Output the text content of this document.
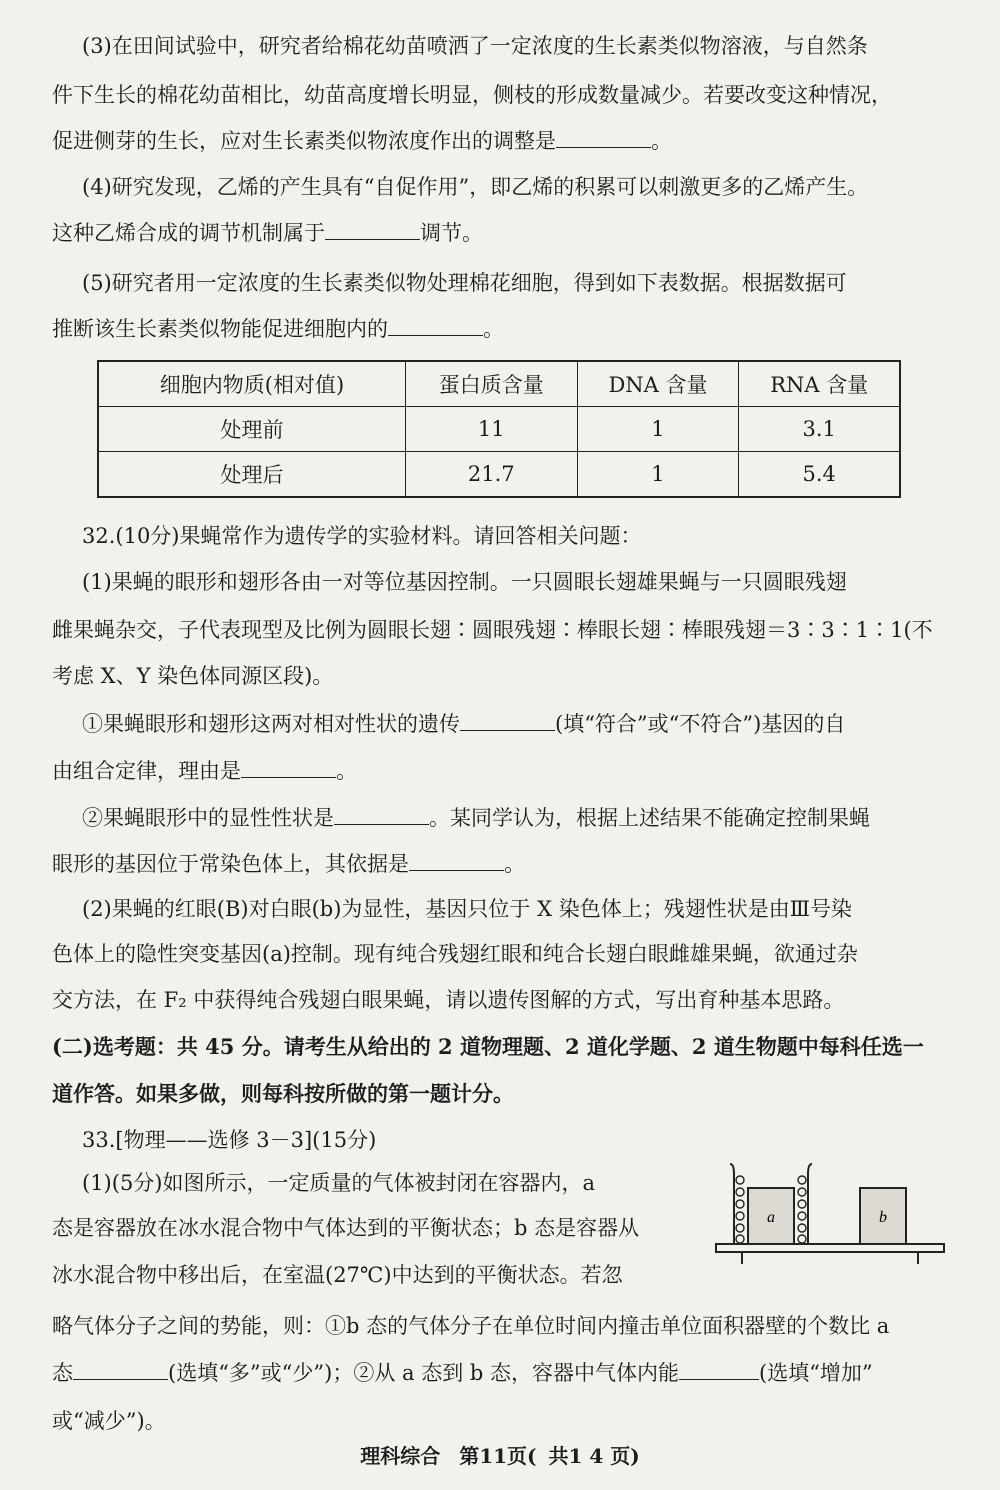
(3)在田间试验中，研究者给棉花幼苗喷洒了一定浓度的生长素类似物溶液，与自然条
件下生长的棉花幼苗相比，幼苗高度增长明显，侧枝的形成数量减少。若要改变这种情况，
促进侧芽的生长，应对生长素类似物浓度作出的调整是	。
(4)研究发现，乙烯的产生具有“自促作用”，即乙烯的积累可以刺激更多的乙烯产生。
这种乙烯合成的调节机制属于	调节。
(5)研究者用一定浓度的生长素类似物处理棉花细胞，得到如下表数据。根据数据可
推断该生长素类似物能促进细胞内的	。
细胞内物质(相对值)	蛋白质含量	DNA 含量	RNA 含量
处理前	11	1	3.1
处理后	21.7	1	5.4
32.(10分)果蝇常作为遗传学的实验材料。请回答相关问题：
(1)果蝇的眼形和翅形各由一对等位基因控制。一只圆眼长翅雄果蝇与一只圆眼残翅
雌果蝇杂交，子代表现型及比例为圆眼长翅∶圆眼残翅∶棒眼长翅∶棒眼残翅＝3∶3∶1∶1(不
考虑 X、Y 染色体同源区段)。
①果蝇眼形和翅形这两对相对性状的遗传	(填“符合”或“不符合”)基因的自
由组合定律，理由是	。
②果蝇眼形中的显性性状是	。某同学认为，根据上述结果不能确定控制果蝇
眼形的基因位于常染色体上，其依据是	。
(2)果蝇的红眼(B)对白眼(b)为显性，基因只位于 X 染色体上；残翅性状是由Ⅲ号染
色体上的隐性突变基因(a)控制。现有纯合残翅红眼和纯合长翅白眼雌雄果蝇，欲通过杂
交方法，在 F₂ 中获得纯合残翅白眼果蝇，请以遗传图解的方式，写出育种基本思路。
(二)选考题：共 45 分。请考生从给出的 2 道物理题、2 道化学题、2 道生物题中每科任选一
道作答。如果多做，则每科按所做的第一题计分。
33.[物理——选修 3－3](15分)
(1)(5分)如图所示，一定质量的气体被封闭在容器内，a
态是容器放在冰水混合物中气体达到的平衡状态；b 态是容器从
冰水混合物中移出后，在室温(27℃)中达到的平衡状态。若忽
略气体分子之间的势能，则：①b 态的气体分子在单位时间内撞击单位面积器壁的个数比 a
态	(选填“多”或“少”)；②从 a 态到 b 态，容器中气体内能	(选填“增加”
或“减少”)。
a	b
理科综合 第11页( 共1 4 页)
